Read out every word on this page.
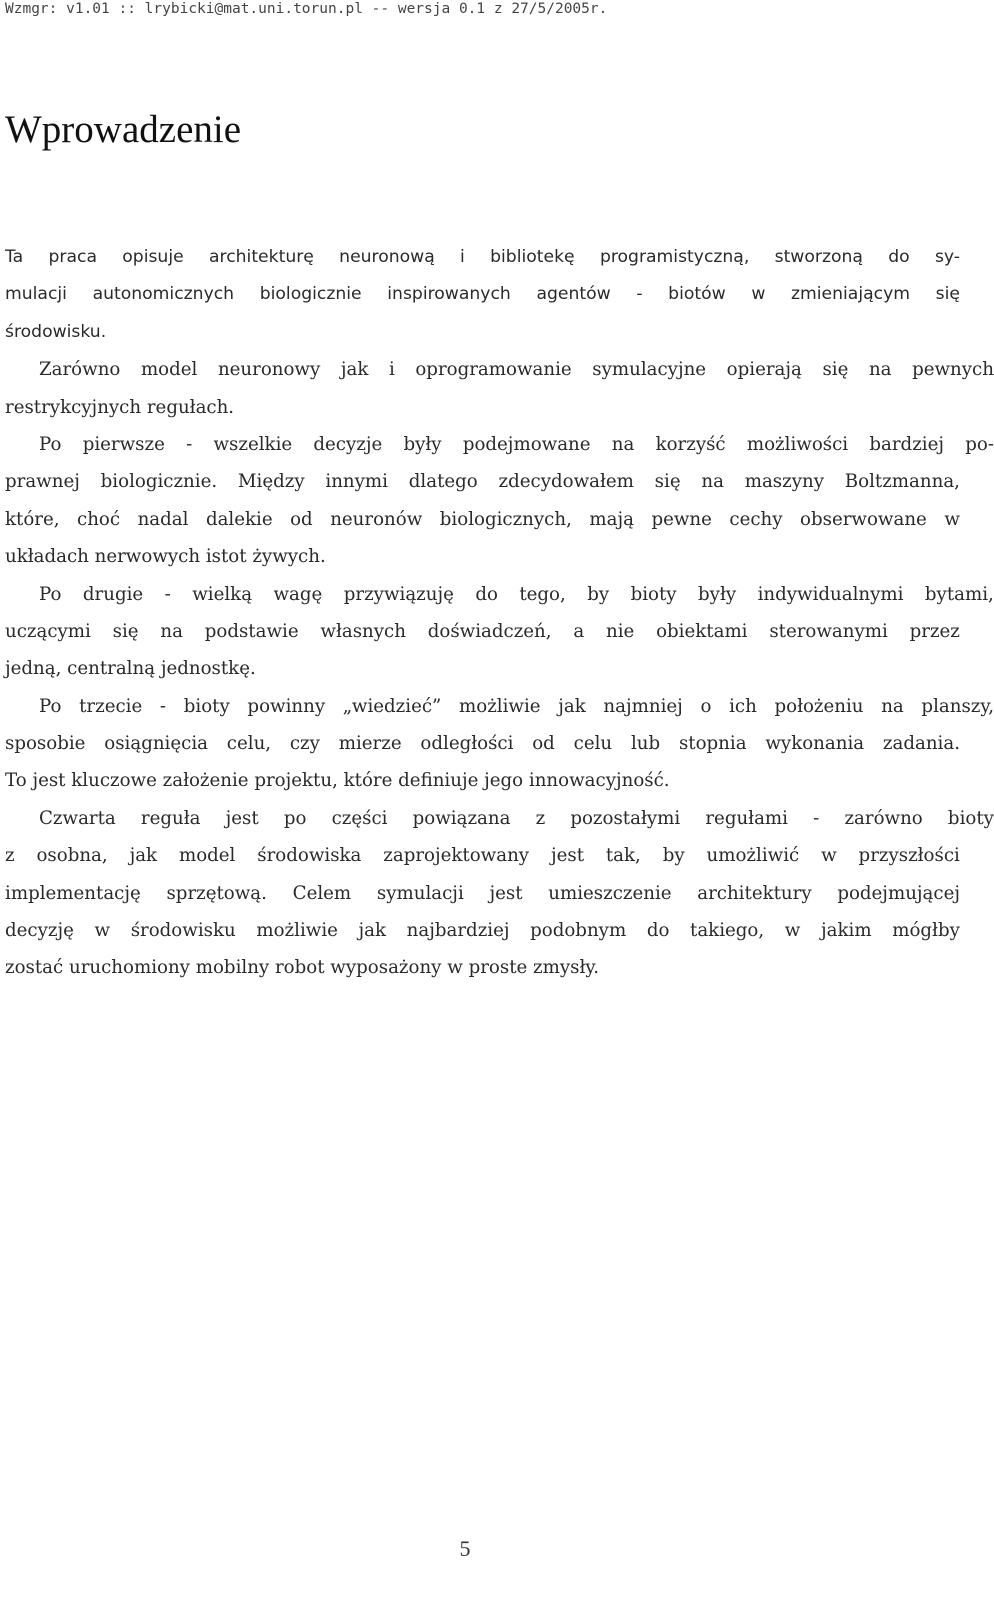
Wzmgr: v1.01 :: lrybicki@mat.uni.torun.pl -- wersja 0.1 z 27/5/2005r.
Wprowadzenie
Ta praca opisuje architekturę neuronową i bibliotekę programistyczną, stworzoną do sy-
mulacji autonomicznych biologicznie inspirowanych agentów - biotów w zmieniającym się
środowisku.
Zarówno model neuronowy jak i oprogramowanie symulacyjne opierają się na pewnych
restrykcyjnych regułach.
Po pierwsze - wszelkie decyzje były podejmowane na korzyść możliwości bardziej po-
prawnej biologicznie. Między innymi dlatego zdecydowałem się na maszyny Boltzmanna,
które, choć nadal dalekie od neuronów biologicznych, mają pewne cechy obserwowane w
układach nerwowych istot żywych.
Po drugie - wielką wagę przywiązuję do tego, by bioty były indywidualnymi bytami,
uczącymi się na podstawie własnych doświadczeń, a nie obiektami sterowanymi przez
jedną, centralną jednostkę.
Po trzecie - bioty powinny „wiedzieć” możliwie jak najmniej o ich położeniu na planszy,
sposobie osiągnięcia celu, czy mierze odległości od celu lub stopnia wykonania zadania.
To jest kluczowe założenie projektu, które definiuje jego innowacyjność.
Czwarta reguła jest po części powiązana z pozostałymi regułami - zarówno bioty
z osobna, jak model środowiska zaprojektowany jest tak, by umożliwić w przyszłości
implementację sprzętową. Celem symulacji jest umieszczenie architektury podejmującej
decyzję w środowisku możliwie jak najbardziej podobnym do takiego, w jakim mógłby
zostać uruchomiony mobilny robot wyposażony w proste zmysły.
5
